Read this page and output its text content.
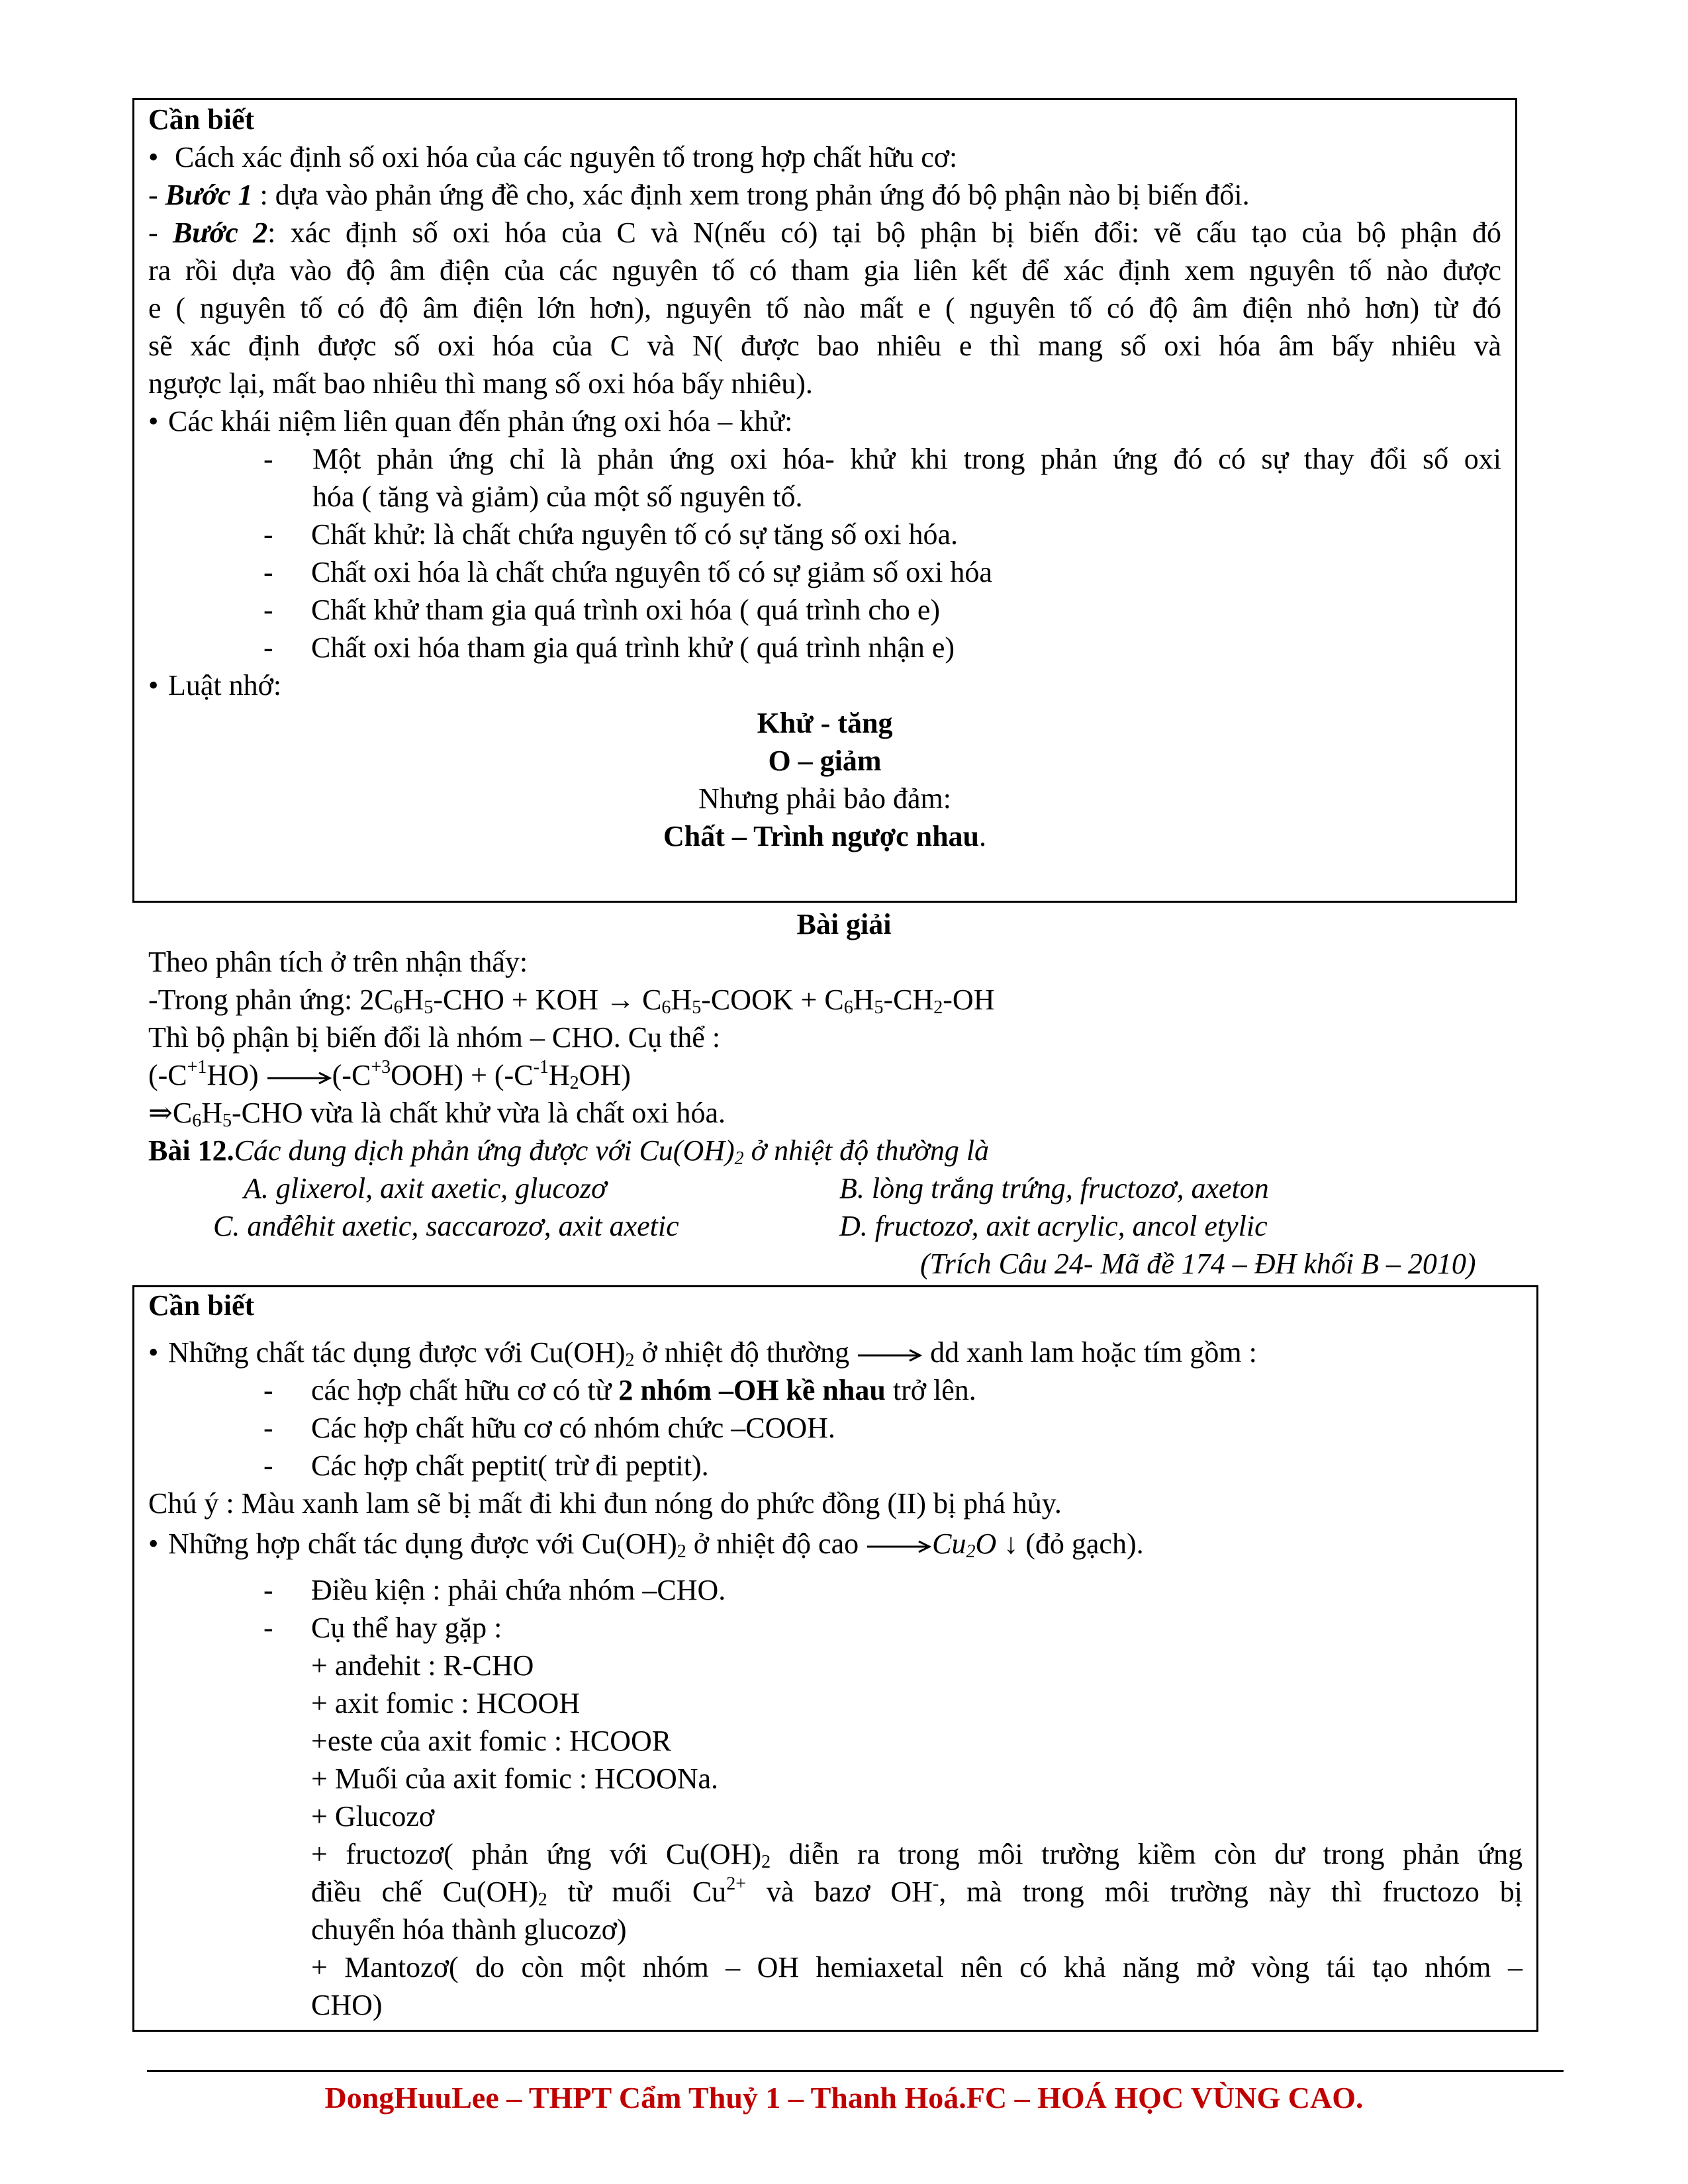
Cần biết
• Cách xác định số oxi hóa của các nguyên tố trong hợp chất hữu cơ:
- Bước 1 : dựa vào phản ứng đề cho, xác định xem trong phản ứng đó bộ phận nào bị biến đổi.
- Bước 2: xác định số oxi hóa của C và N(nếu có) tại bộ phận bị biến đổi: vẽ cấu tạo của bộ phận đó
ra rồi dựa vào độ âm điện của các nguyên tố có tham gia liên kết để xác định xem nguyên tố nào được
e ( nguyên tố có độ âm điện lớn hơn), nguyên tố nào mất e ( nguyên tố có độ âm điện nhỏ hơn) từ đó
sẽ xác định được số oxi hóa của C và N( được bao nhiêu e thì mang số oxi hóa âm bấy nhiêu và
ngược lại, mất bao nhiêu thì mang số oxi hóa bấy nhiêu).
• Các khái niệm liên quan đến phản ứng oxi hóa – khử:
- Một phản ứng chỉ là phản ứng oxi hóa- khử khi trong phản ứng đó có sự thay đổi số oxi
hóa ( tăng và giảm) của một số nguyên tố.
- Chất khử: là chất chứa nguyên tố có sự tăng số oxi hóa.
- Chất oxi hóa là chất chứa nguyên tố có sự giảm số oxi hóa
- Chất khử tham gia quá trình oxi hóa ( quá trình cho e)
- Chất oxi hóa tham gia quá trình khử ( quá trình nhận e)
• Luật nhớ:
Khử - tăng
O – giảm
Nhưng phải bảo đảm:
Chất – Trình ngược nhau.
Bài giải
Theo phân tích ở trên nhận thấy:
-Trong phản ứng: $2C_6H_5$-CHO + KOH → $C_6H_5$-COOK + $C_6H_5-CH_2-OH$
Thì bộ phận bị biến đổi là nhóm – CHO. Cụ thể :
$(-C^{+1}HO) (-C^{+3}OOH) + (-C^{-1}H_2OH)$
$\Rightarrow C_6H_5$-CHO vừa là chất khử vừa là chất oxi hóa.
Bài 12.Các dung dịch phản ứng được với $Cu(OH)_2$ ở nhiệt độ thường là
A. glixerol, axit axetic, glucozơ	B. lòng trắng trứng, fructozơ, axeton
C. anđêhit axetic, saccarozơ, axit axetic	D. fructozơ, axit acrylic, ancol etylic
(Trích Câu 24- Mã đề 174 – ĐH khối B – 2010)
Cần biết
• Những chất tác dụng được với $Cu(OH)_2$ ở nhiệt độ thường  dd xanh lam hoặc tím gồm :
- các hợp chất hữu cơ có từ 2 nhóm –OH kề nhau trở lên.
- Các hợp chất hữu cơ có nhóm chức –COOH.
- Các hợp chất peptit( trừ đi peptit).
Chú ý : Màu xanh lam sẽ bị mất đi khi đun nóng do phức đồng (II) bị phá hủy.
• Những hợp chất tác dụng được với $Cu(OH)_2$ ở nhiệt độ cao $Cu_2O$ ↓ (đỏ gạch).
- Điều kiện : phải chứa nhóm –CHO.
- Cụ thể hay gặp :
+ anđehit : R-CHO
+ axit fomic : HCOOH
+este của axit fomic : HCOOR
+ Muối của axit fomic : HCOONa.
+ Glucozơ
+ fructozơ( phản ứng với $Cu(OH)_2$ diễn ra trong môi trường kiềm còn dư trong phản ứng
điều chế $Cu(OH)_2$ từ muối $Cu^{2+}$ và bazơ OH-, mà trong môi trường này thì fructozo bị
chuyển hóa thành glucozơ)
+ Mantozơ( do còn một nhóm – OH hemiaxetal nên có khả năng mở vòng tái tạo nhóm –
CHO)
DongHuuLee – THPT Cẩm Thuỷ 1 – Thanh Hoá.FC – HOÁ HỌC VÙNG CAO.
